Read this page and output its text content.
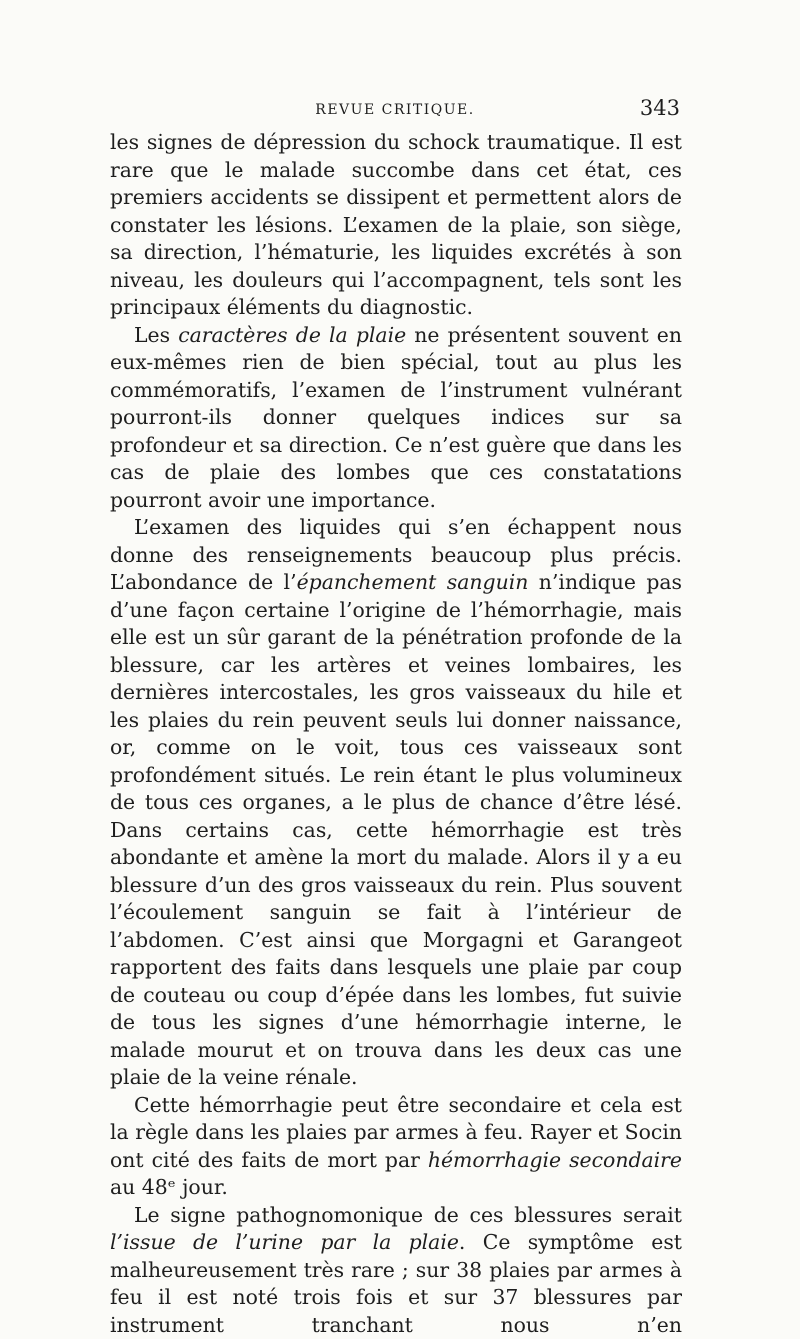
REVUE CRITIQUE.	343

les signes de dépression du schock traumatique. Il est rare que le malade succombe dans cet état, ces premiers accidents se dissipent et permettent alors de constater les lésions. L’examen de la plaie, son siège, sa direction, l’hématurie, les liquides excrétés à son niveau, les douleurs qui l’accompagnent, tels sont les principaux éléments du diagnostic.

Les caractères de la plaie ne présentent souvent en eux-mêmes rien de bien spécial, tout au plus les commémoratifs, l’examen de l’instrument vulnérant pourront-ils donner quelques indices sur sa profondeur et sa direction. Ce n’est guère que dans les cas de plaie des lombes que ces constatations pourront avoir une importance.

L’examen des liquides qui s’en échappent nous donne des renseignements beaucoup plus précis. L’abondance de l’épanchement sanguin n’indique pas d’une façon certaine l’origine de l’hémorrhagie, mais elle est un sûr garant de la pénétration profonde de la blessure, car les artères et veines lombaires, les dernières intercostales, les gros vaisseaux du hile et les plaies du rein peuvent seuls lui donner naissance, or, comme on le voit, tous ces vaisseaux sont profondément situés. Le rein étant le plus volumineux de tous ces organes, a le plus de chance d’être lésé. Dans certains cas, cette hémorrhagie est très abondante et amène la mort du malade. Alors il y a eu blessure d’un des gros vaisseaux du rein. Plus souvent l’écoulement sanguin se fait à l’intérieur de l’abdomen. C’est ainsi que Morgagni et Garangeot rapportent des faits dans lesquels une plaie par coup de couteau ou coup d’épée dans les lombes, fut suivie de tous les signes d’une hémorrhagie interne, le malade mourut et on trouva dans les deux cas une plaie de la veine rénale.

Cette hémorrhagie peut être secondaire et cela est la règle dans les plaies par armes à feu. Rayer et Socin ont cité des faits de mort par hémorrhagie secondaire au 48ᵉ jour.

Le signe pathognomonique de ces blessures serait l’issue de l’urine par la plaie. Ce symptôme est malheureusement très rare ; sur 38 plaies par armes à feu il est noté trois fois et sur 37 blessures par instrument tranchant nous n’en
